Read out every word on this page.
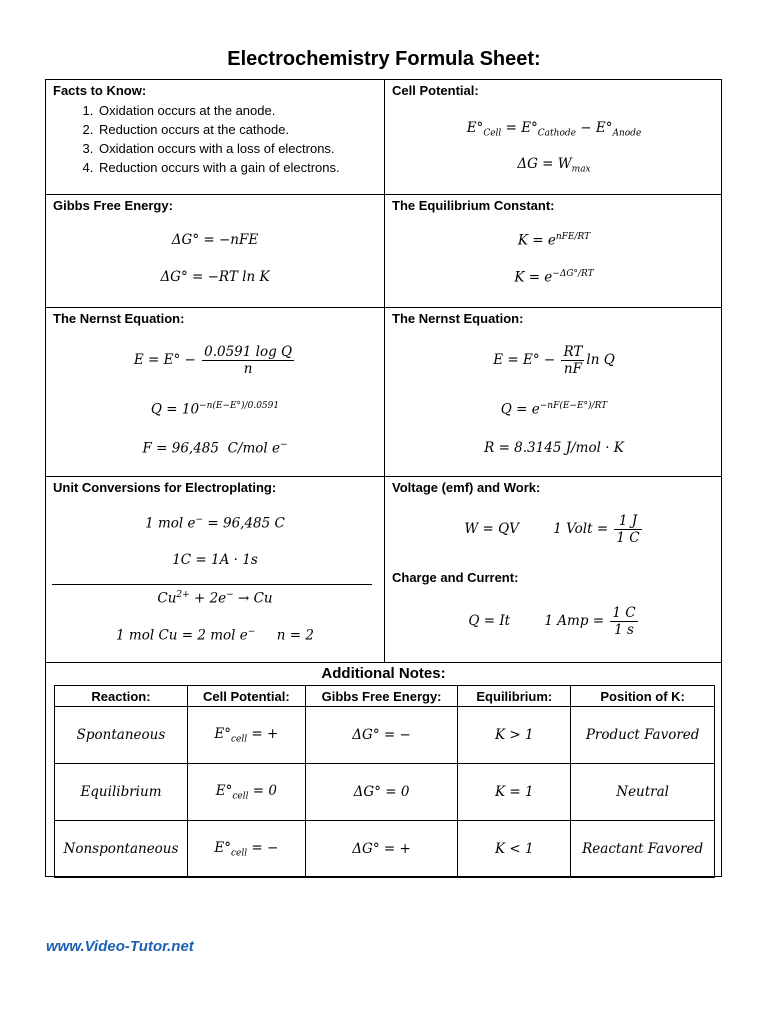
Electrochemistry Formula Sheet:
Facts to Know:
1. Oxidation occurs at the anode.
2. Reduction occurs at the cathode.
3. Oxidation occurs with a loss of electrons.
4. Reduction occurs with a gain of electrons.
Cell Potential:
$E^\circ_{Cell} = E^\circ_{Cathode} - E^\circ_{Anode}$
$\Delta G = W_{max}$
Gibbs Free Energy:
ΔG° = −nFE
ΔG° = −RT ln K
The Equilibrium Constant:
$K = e^{nFE/RT}$
$K = e^{-\Delta G^\circ/RT}$
The Nernst Equation:
$E = E^\circ - \frac{\text{0.0591 log Q}}{n}$
$Q = 10^{-n(E-E^\circ)/0.0591}$
F = 96,485  C/mol e−
The Nernst Equation:
$E = E^\circ - \frac{RT}{nF}$ ln Q
$Q = e^{-nF(E-E^\circ)/RT}$
R = 8.3145 J/mol · K
Unit Conversions for Electroplating:
1 mol e− = 96,485 C
1C = 1A · 1s
$Cu^{2+} + 2e^- \to Cu$
1 mol Cu = 2 mol e−     n = 2
Voltage (emf) and Work:
W = QV        1 Volt = $\frac{1 J}{1 C}$
Charge and Current:
Q = It        1 Amp = $\frac{1 C}{1 s}$
Additional Notes:
Reaction:	Cell Potential:	Gibbs Free Energy:	Equilibrium:	Position of K:
Spontaneous	$E^\circ_{cell}$ = +	ΔG° = −	K > 1	Product Favored
Equilibrium	$E^\circ_{cell} = 0$	ΔG° = 0	K = 1	Neutral
Nonspontaneous	$E^\circ_{cell}$ = −	ΔG° = +	K < 1	Reactant Favored
www.Video-Tutor.net
